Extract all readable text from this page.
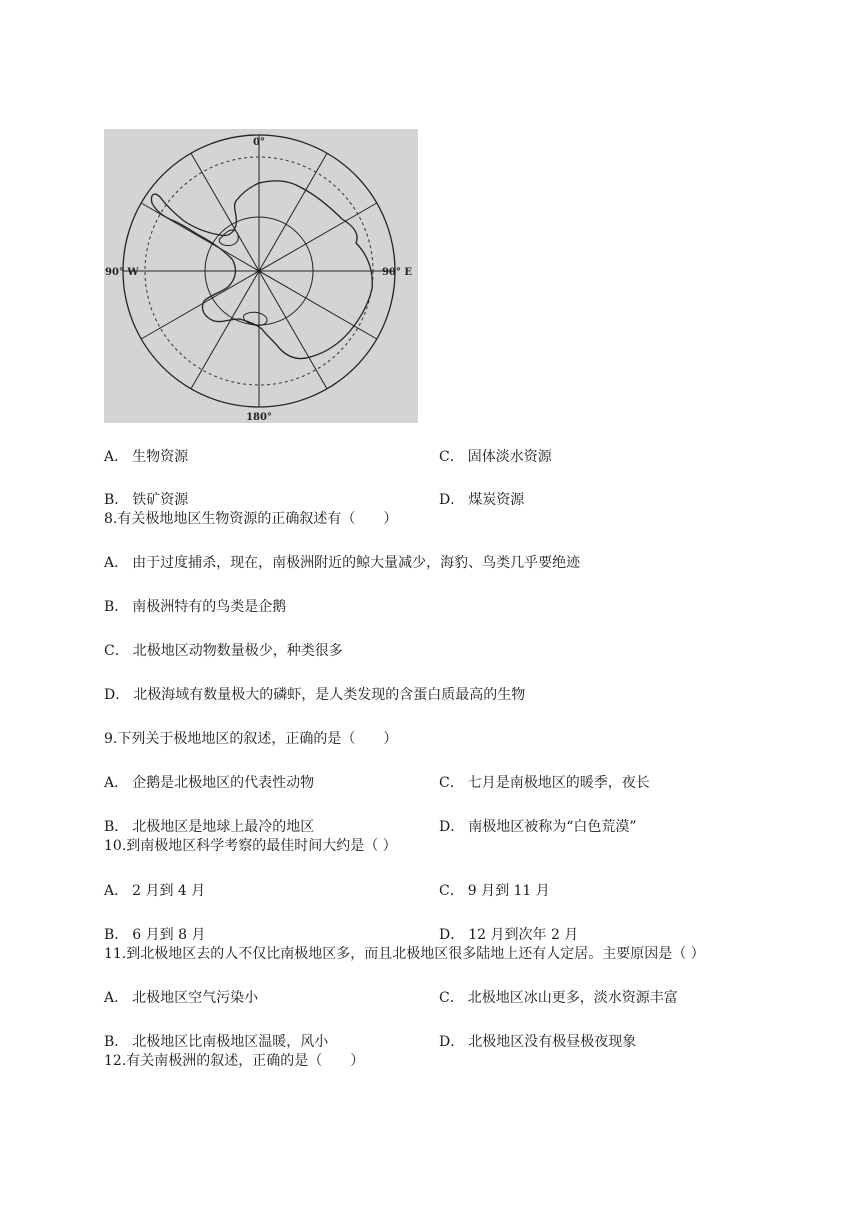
0°
180°
90° W	90° E
A． 生物资源	C． 固体淡水资源
B． 铁矿资源	D． 煤炭资源
8.有关极地地区生物资源的正确叙述有（　　）
A． 由于过度捕杀，现在，南极洲附近的鲸大量减少，海豹、鸟类几乎要绝迹
B． 南极洲特有的鸟类是企鹅
C． 北极地区动物数量极少，种类很多
D． 北极海域有数量极大的磷虾，是人类发现的含蛋白质最高的生物
9.下列关于极地地区的叙述，正确的是（　　）
A． 企鹅是北极地区的代表性动物	C． 七月是南极地区的暖季，夜长
B． 北极地区是地球上最冷的地区	D． 南极地区被称为“白色荒漠”
10.到南极地区科学考察的最佳时间大约是（ ）
A． 2 月到 4 月	C． 9 月到 11 月
B． 6 月到 8 月	D． 12 月到次年 2 月
11.到北极地区去的人不仅比南极地区多，而且北极地区很多陆地上还有人定居。主要原因是（ ）
A． 北极地区空气污染小	C． 北极地区冰山更多，淡水资源丰富
B． 北极地区比南极地区温暖，风小	D． 北极地区没有极昼极夜现象
12.有关南极洲的叙述，正确的是（　　）
